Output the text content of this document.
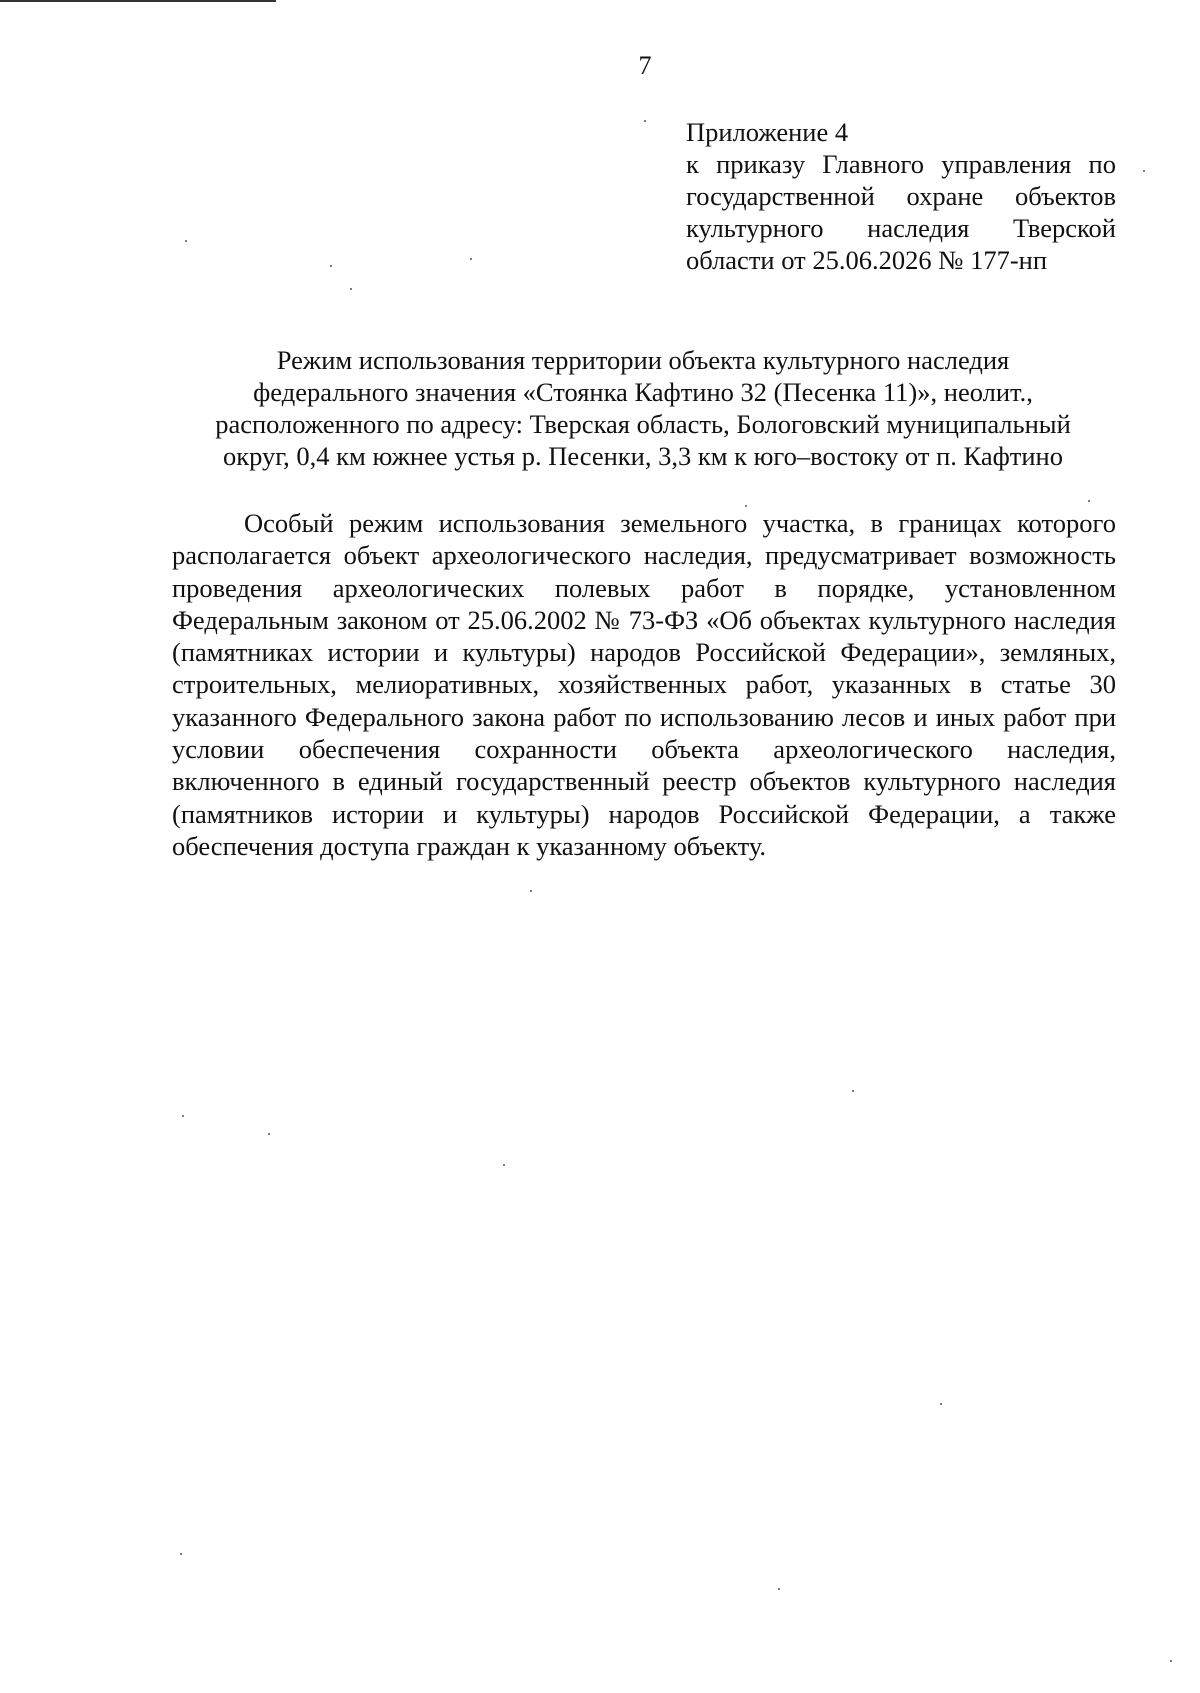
7
Приложение 4
к приказу Главного управления по
государственной охране объектов
культурного наследия Тверской
области от 25.06.2026 № 177-нп
Режим использования территории объекта культурного наследия
федерального значения «Стоянка Кафтино 32 (Песенка 11)», неолит.,
расположенного по адресу: Тверская область, Бологовский муниципальный
округ, 0,4 км южнее устья р. Песенки, 3,3 км к юго–востоку от п. Кафтино

Особый режим использования земельного участка, в границах которого располагается объект археологического наследия, предусматривает возможность проведения археологических полевых работ в порядке, установленном Федеральным законом от 25.06.2002 № 73-ФЗ «Об объектах культурного наследия (памятниках истории и культуры) народов Российской Федерации», земляных, строительных, мелиоративных, хозяйственных работ, указанных в статье 30 указанного Федерального закона работ по использованию лесов и иных работ при условии обеспечения сохранности объекта археологического наследия, включенного в единый государственный реестр объектов культурного наследия (памятников истории и культуры) народов Российской Федерации, а также обеспечения доступа граждан к указанному объекту.
